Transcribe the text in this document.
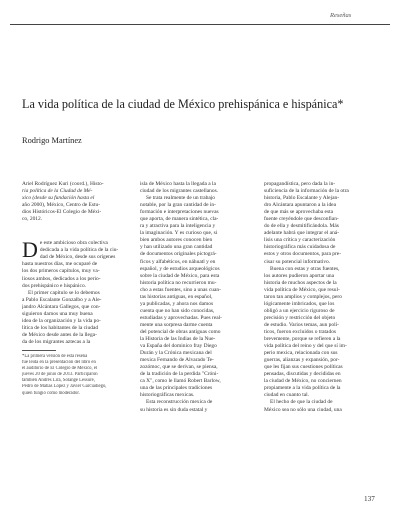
Reseñas
La vida política de la ciudad de México prehispánica e hispánica*
Rodrigo Martínez
Ariel Rodríguez Kuri (coord.), Histo-
ria política de la Ciudad de Mé-
xico (desde su fundación hasta el
año 2000), México, Centro de Estu-
dios Históricos-El Colegio de Méxi-
co, 2012.

D e este ambicioso obra colectiva
dedicada a la vida política de la ciu-
dad de México, desde sus orígenes
hasta nuestros días, me ocuparé de
los dos primeros capítulos, muy va-
liosos ambos, dedicados a los perio-
dos prehispánico e hispánico.

El primer capítulo se lo debemos
a Pablo Escalante Gonzalbo y a Ale-
jandro Alcántara Gallegos, que con-
siguieron darnos una muy buena
idea de la organización y la vida po-
lítica de los habitantes de la ciudad
de México desde antes de la llega-
da de los migrantes aztecas a la

*La primera versión de esta reseña
fue leída en la presentación del libro en
el auditorio de El Colegio de México, el
jueves 20 de junio de 2013. Participaron
también Andrés Lira, Solange Lessure,
Pedro de Matías López y Javier Garcíadiego,
quien fungió como moderador.

isla de México hasta la llegada a la
ciudad de los migrantes castellanos.

Se trata realmente de un trabajo
notable, por la gran cantidad de in-
formación e interpretaciones nuevas
que aporta, de manera sintética, cla-
ra y atractiva para la inteligencia y
la imaginación. Y es curioso que, si
bien ambos autores conocen bien
y han utilizado una gran cantidad
de documentos originales pictográ-
ficos y alfabéticos, en náhuatl y en
español, y de estudios arqueológicos
sobre la ciudad de México, para esta
historia política no recurrieron mu-
cho a estas fuentes, sino a unas cuan-
tas historias antiguas, en español,
ya publicadas, y ahora nos damos
cuenta que no han sido conocidas,
estudiadas y aprovechadas. Pues real-
mente una sorpresa darme cuenta
del potencial de obras antiguas como
la Historia de las Indias de la Nue-
va España del dominico fray Diego
Durán y la Crónica mexicana del
mexica Fernando de Alvarado Te-
zozómoc, que se derivan, se piensa,
de la tradición de la perdida "Cróni-
ca X", como le llamó Robert Barlow,
una de las principales tradiciones
historiográficas mexicas.

Esta reconstrucción mexica de
su historia es sin duda estatal y

propagandística, pero dada la in-
suficiencia de la información de la otra
historia, Pablo Escalante y Alejan-
dro Alcántara apuntaron a la idea
de que más se aprovechaba esta
fuente creyéndole que desconfian-
do de ella y desmitificándola. Más
adelante habrá que integrar el aná-
lisis una crítica y caracterización
historiográfica más cuidadosa de
estos y otros documentos, para pre-
cisar su potencial informativo.

Buena con estas y otras fuentes,
los autores pudieron aportar una
historia de muchos aspectos de la
vida política de México, que resul-
taron tan amplios y complejos, pero
lógicamente imbricados, que los
obligó a un ejercicio riguroso de
precisión y restricción del objeto
de estudio. Varios temas, aun polí-
ticos, fueron excluidos o tratados
brevemente, porque se refieren a la
vida política del reino y del que sí im-
perio mexica, relacionada con sus
guerras, alianzas y expansión, por-
que les fijan sus cuestiones políticas
pensadas, discutidas y decididas en
la ciudad de México, no conciernen
propiamente a la vida política de la
ciudad en cuanto tal.

El hecho de que la ciudad de
México sea no sólo una ciudad, una

137
